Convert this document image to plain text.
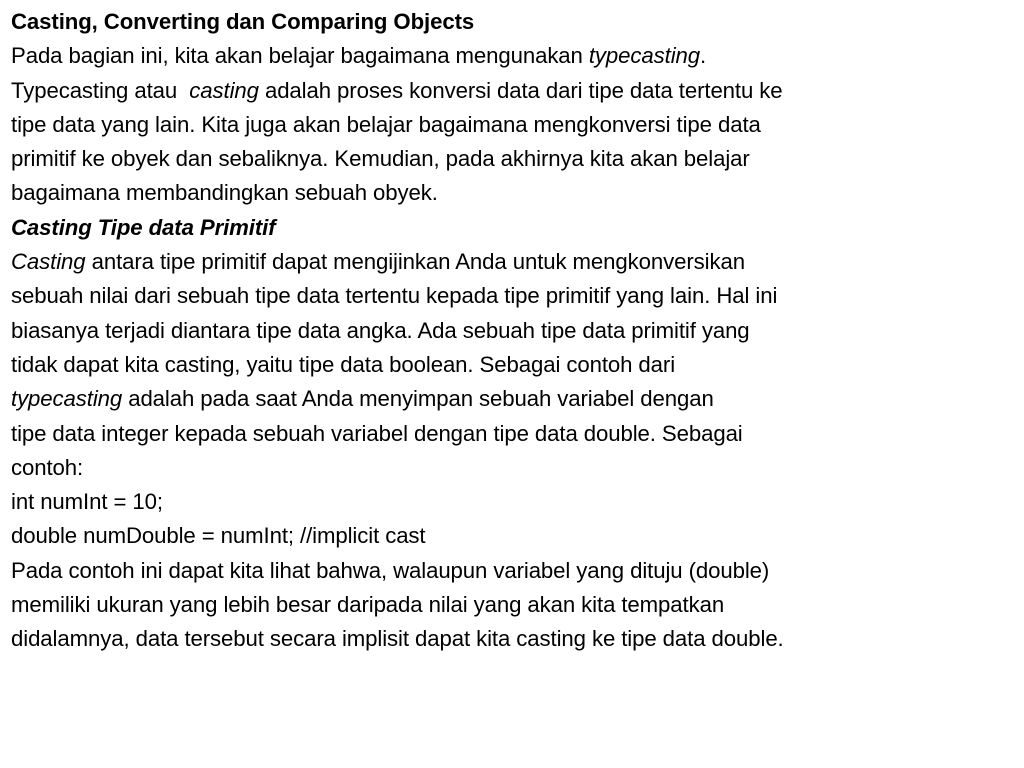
Casting, Converting dan Comparing Objects
Pada bagian ini, kita akan belajar bagaimana mengunakan typecasting.
Typecasting atau  casting adalah proses konversi data dari tipe data tertentu ke
tipe data yang lain. Kita juga akan belajar bagaimana mengkonversi tipe data
primitif ke obyek dan sebaliknya. Kemudian, pada akhirnya kita akan belajar
bagaimana membandingkan sebuah obyek.
Casting Tipe data Primitif
Casting antara tipe primitif dapat mengijinkan Anda untuk mengkonversikan
sebuah nilai dari sebuah tipe data tertentu kepada tipe primitif yang lain. Hal ini
biasanya terjadi diantara tipe data angka. Ada sebuah tipe data primitif yang
tidak dapat kita casting, yaitu tipe data boolean. Sebagai contoh dari
typecasting adalah pada saat Anda menyimpan sebuah variabel dengan
tipe data integer kepada sebuah variabel dengan tipe data double. Sebagai
contoh:
int numInt = 10;
double numDouble = numInt; //implicit cast
Pada contoh ini dapat kita lihat bahwa, walaupun variabel yang dituju (double)
memiliki ukuran yang lebih besar daripada nilai yang akan kita tempatkan
didalamnya, data tersebut secara implisit dapat kita casting ke tipe data double.
